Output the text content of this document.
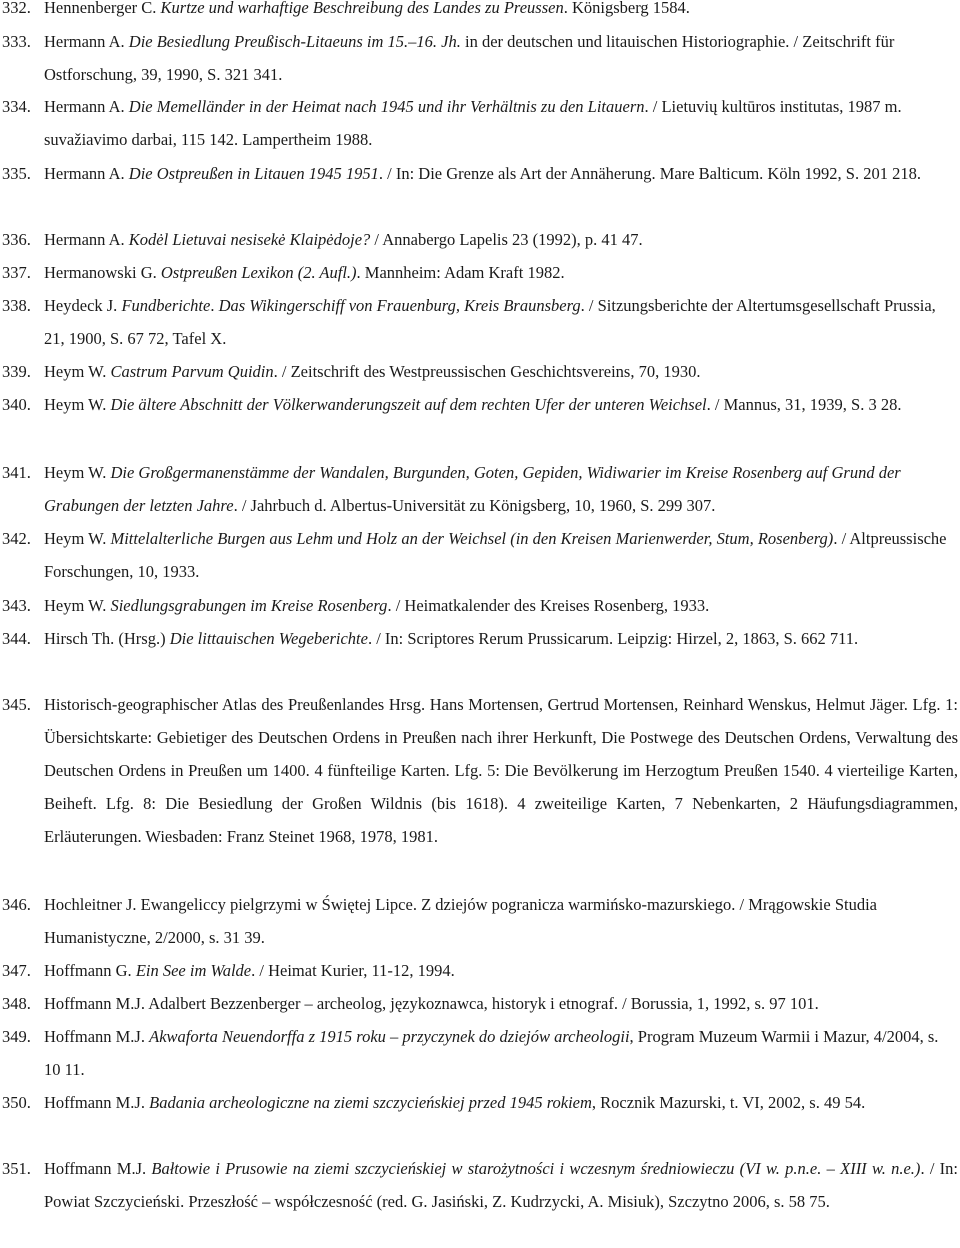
332. Hennenberger C. Kurtze und warhaftige Beschreibung des Landes zu Preussen. Königsberg 1584.
333. Hermann A. Die Besiedlung Preußisch-Litaeuns im 15.–16. Jh. in der deutschen und litauischen Historiographie. / Zeitschrift für Ostforschung, 39, 1990, S. 321 341.
334. Hermann A. Die Memelländer in der Heimat nach 1945 und ihr Verhältnis zu den Litauern. / Lietuvių kultūros institutas, 1987 m. suvažiavimo darbai, 115 142. Lampertheim 1988.
335. Hermann A. Die Ostpreußen in Litauen 1945 1951. / In: Die Grenze als Art der Annäherung. Mare Balticum. Köln 1992, S. 201 218.
336. Hermann A. Kodėl Lietuvai nesisekė Klaipėdoje? / Annabergo Lapelis 23 (1992), p. 41 47.
337. Hermanowski G. Ostpreußen Lexikon (2. Aufl.). Mannheim: Adam Kraft 1982.
338. Heydeck J. Fundberichte. Das Wikingerschiff von Frauenburg, Kreis Braunsberg. / Sitzungsberichte der Altertumsgesellschaft Prussia, 21, 1900, S. 67 72, Tafel X.
339. Heym W. Castrum Parvum Quidin. / Zeitschrift des Westpreussischen Geschichtsvereins, 70, 1930.
340. Heym W. Die ältere Abschnitt der Völkerwanderungszeit auf dem rechten Ufer der unteren Weichsel. / Mannus, 31, 1939, S. 3 28.
341. Heym W. Die Großgermanenstämme der Wandalen, Burgunden, Goten, Gepiden, Widiwarier im Kreise Rosenberg auf Grund der Grabungen der letzten Jahre. / Jahrbuch d. Albertus-Universität zu Königsberg, 10, 1960, S. 299 307.
342. Heym W. Mittelalterliche Burgen aus Lehm und Holz an der Weichsel (in den Kreisen Marienwerder, Stum, Rosenberg). / Altpreussische Forschungen, 10, 1933.
343. Heym W. Siedlungsgrabungen im Kreise Rosenberg. / Heimatkalender des Kreises Rosenberg, 1933.
344. Hirsch Th. (Hrsg.) Die littauischen Wegeberichte. / In: Scriptores Rerum Prussicarum. Leipzig: Hirzel, 2, 1863, S. 662 711.
345. Historisch-geographischer Atlas des Preußenlandes Hrsg. Hans Mortensen, Gertrud Mortensen, Reinhard Wenskus, Helmut Jäger. Lfg. 1: Übersichtskarte: Gebietiger des Deutschen Ordens in Preußen nach ihrer Herkunft, Die Postwege des Deutschen Ordens, Verwaltung des Deutschen Ordens in Preußen um 1400. 4 fünfteilige Karten. Lfg. 5: Die Bevölkerung im Herzogtum Preußen 1540. 4 vierteilige Karten, Beiheft. Lfg. 8: Die Besiedlung der Großen Wildnis (bis 1618). 4 zweiteilige Karten, 7 Nebenkarten, 2 Häufungsdiagrammen, Erläuterungen. Wiesbaden: Franz Steinet 1968, 1978, 1981.
346. Hochleitner J. Ewangeliccy pielgrzymi w Świętej Lipce. Z dziejów pogranicza warmińsko-mazurskiego. / Mrągowskie Studia Humanistyczne, 2/2000, s. 31 39.
347. Hoffmann G. Ein See im Walde. / Heimat Kurier, 11-12, 1994.
348. Hoffmann M.J. Adalbert Bezzenberger – archeolog, językoznawca, historyk i etnograf. / Borussia, 1, 1992, s. 97 101.
349. Hoffmann M.J. Akwaforta Neuendorffa z 1915 roku – przyczynek do dziejów archeologii, Program Muzeum Warmii i Mazur, 4/2004, s. 10 11.
350. Hoffmann M.J. Badania archeologiczne na ziemi szczycieńskiej przed 1945 rokiem, Rocznik Mazurski, t. VI, 2002, s. 49 54.
351. Hoffmann M.J. Bałtowie i Prusowie na ziemi szczycieńskiej w starożytności i wczesnym średniowieczu (VI w. p.n.e. – XIII w. n.e.). / In: Powiat Szczycieński. Przeszłość – współczesność (red. G. Jasiński, Z. Kudrzycki, A. Misiuk), Szczytno 2006, s. 58 75.
